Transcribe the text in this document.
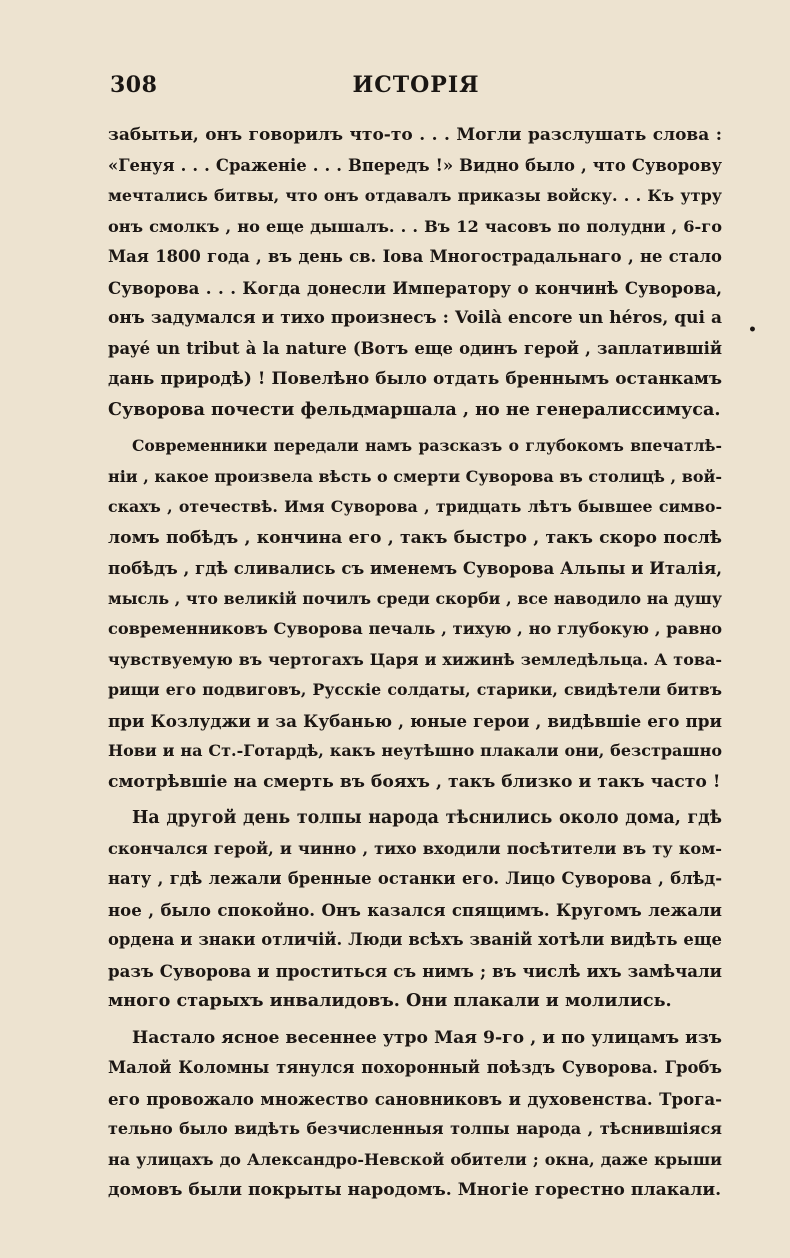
308	ИСТОРІЯ
•
забытьи, онъ говорилъ что-то . . . Могли разслушать слова :
«Генуя . . . Сраженіе . . . Впередъ !» Видно было , что Суворову
мечтались битвы, что онъ отдавалъ приказы войску. . . Къ утру
онъ смолкъ , но еще дышалъ. . . Въ 12 часовъ по полудни , 6-го
Мая 1800 года , въ день св. Іова Многострадальнаго , не стало
Суворова . . . Когда донесли Императору о кончинѣ Суворова,
онъ задумался и тихо произнесъ : Voilà encore un héros, qui a
payé un tribut à la nature (Вотъ еще одинъ герой , заплатившій
дань природѣ) ! Повелѣно было отдать бреннымъ останкамъ
Суворова почести фельдмаршала , но не генералиссимуса.
Современники передали намъ разсказъ о глубокомъ впечатлѣ-
ніи , какое произвела вѣсть о смерти Суворова въ столицѣ , вой-
скахъ , отечествѣ. Имя Суворова , тридцать лѣтъ бывшее симво-
ломъ побѣдъ , кончина его , такъ быстро , такъ скоро послѣ
побѣдъ , гдѣ сливались съ именемъ Суворова Альпы и Италія,
мысль , что великій почилъ среди скорби , все наводило на душу
современниковъ Суворова печаль , тихую , но глубокую , равно
чувствуемую въ чертогахъ Царя и хижинѣ земледѣльца. А това-
рищи его подвиговъ, Русскіе солдаты, старики, свидѣтели битвъ
при Козлуджи и за Кубанью , юные герои , видѣвшіе его при
Нови и на Ст.-Готардѣ, какъ неутѣшно плакали они, безстрашно
смотрѣвшіе на смерть въ бояхъ , такъ близко и такъ часто !
На другой день толпы народа тѣснились около дома, гдѣ
скончался герой, и чинно , тихо входили посѣтители въ ту ком-
нату , гдѣ лежали бренные останки его. Лицо Суворова , блѣд-
ное , было спокойно. Онъ казался спящимъ. Кругомъ лежали
ордена и знаки отличій. Люди всѣхъ званій хотѣли видѣть еще
разъ Суворова и проститься съ нимъ ; въ числѣ ихъ замѣчали
много старыхъ инвалидовъ. Они плакали и молились.
Настало ясное весеннее утро Мая 9-го , и по улицамъ изъ
Малой Коломны тянулся похоронный поѣздъ Суворова. Гробъ
его провожало множество сановниковъ и духовенства. Трога-
тельно было видѣть безчисленныя толпы народа , тѣснившіяся
на улицахъ до Александро-Невской обители ; окна, даже крыши
домовъ были покрыты народомъ. Многіе горестно плакали.
